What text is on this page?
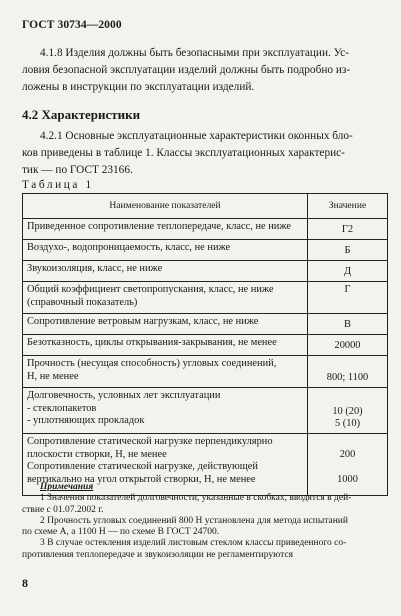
ГОСТ 30734—2000
4.1.8 Изделия должны быть безопасными при эксплуатации. Ус-
ловия безопасной эксплуатации изделий должны быть подробно из-
ложены в инструкции по эксплуатации изделий.
4.2 Характеристики
4.2.1 Основные эксплуатационные характеристики оконных бло-
ков приведены в таблице 1. Классы эксплуатационных характерис-
тик — по ГОСТ 23166.
Таблица 1
Наименование показателей	Значение

Приведенное сопротивление теплопередаче, класс, не ниже	Г2

Воздухо-, водопроницаемость, класс, не ниже	Б

Звукоизоляция, класс, не ниже	Д

Общий коэффициент светопропускания, класс, не ниже
(справочный показатель)	Г

Сопротивление ветровым нагрузкам, класс, не ниже	В

Безотказность, циклы открывания-закрывания, не менее	20000

Прочность (несущая способность) угловых соединений,
Н, не менее	800; 1100

Долговечность, условных лет эксплуатации
- стеклопакетов
- уплотняющих прокладок	10 (20)
5 (10)

Сопротивление статической нагрузке перпендикулярно
плоскости створки, Н, не менее
Сопротивление статической нагрузке, действующей
вертикально на угол открытой створки, Н, не менее	200
1000
Примечания
1 Значения показателей долговечности, указанные в скобках, вводятся в дей-
ствие с 01.07.2002 г.
2 Прочность угловых соединений 800 Н установлена для метода испытаний
по схеме А, а 1100 Н — по схеме В ГОСТ 24700.
3 В случае остекления изделий листовым стеклом классы приведенного со-
противления теплопередаче и звукоизоляции не регламентируются
8
